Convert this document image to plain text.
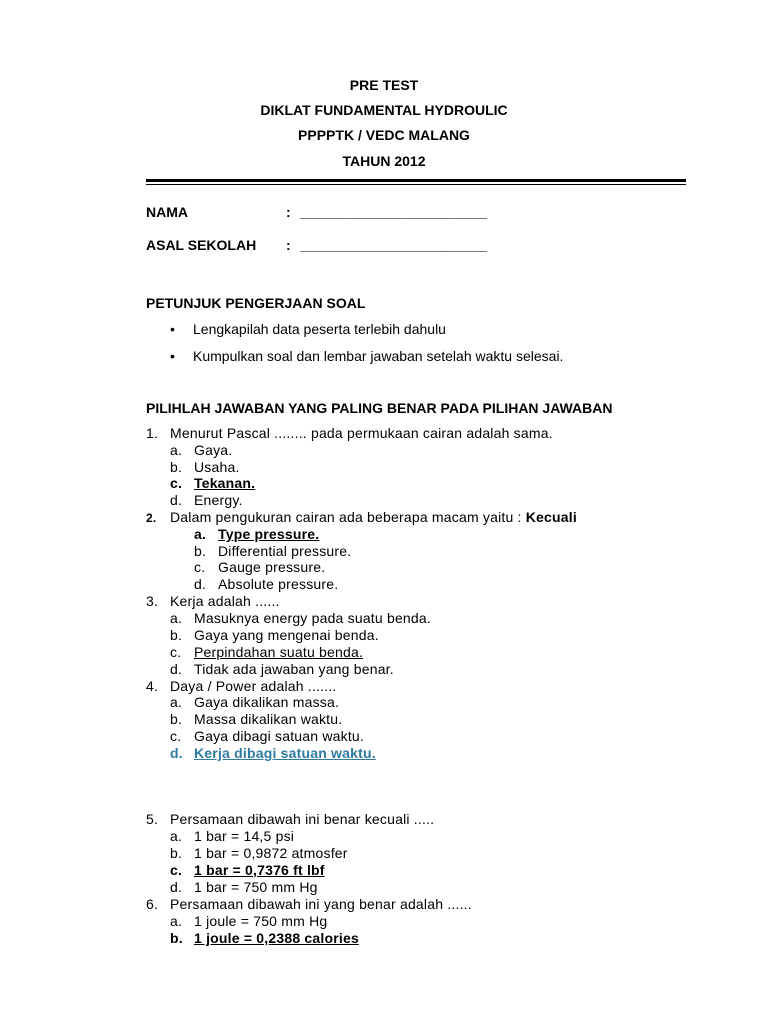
PRE TEST
DIKLAT FUNDAMENTAL HYDROULIC
PPPPTK / VEDC MALANG
TAHUN 2012
NAMA	: ________________________
ASAL SEKOLAH : ________________________
PETUNJUK PENGERJAAN SOAL
• Lengkapilah data peserta terlebih dahulu
• Kumpulkan soal dan lembar jawaban setelah waktu selesai.
PILIHLAH JAWABAN YANG PALING BENAR PADA PILIHAN JAWABAN
1. Menurut Pascal ........ pada permukaan cairan adalah sama.
a. Gaya.
b. Usaha.
c. Tekanan.
d. Energy.
2. Dalam pengukuran cairan ada beberapa macam yaitu : Kecuali
a. Type pressure.
b. Differential pressure.
c. Gauge pressure.
d. Absolute pressure.
3. Kerja adalah ......
a. Masuknya energy pada suatu benda.
b. Gaya yang mengenai benda.
c. Perpindahan suatu benda.
d. Tidak ada jawaban yang benar.
4. Daya / Power adalah .......
a. Gaya dikalikan massa.
b. Massa dikalikan waktu.
c. Gaya dibagi satuan waktu.
d. Kerja dibagi satuan waktu.
5. Persamaan dibawah ini benar kecuali .....
a. 1 bar = 14,5 psi
b. 1 bar = 0,9872 atmosfer
c. 1 bar = 0,7376 ft lbf
d. 1 bar = 750 mm Hg
6. Persamaan dibawah ini yang benar adalah ......
a. 1 joule = 750 mm Hg
b. 1 joule = 0,2388 calories
